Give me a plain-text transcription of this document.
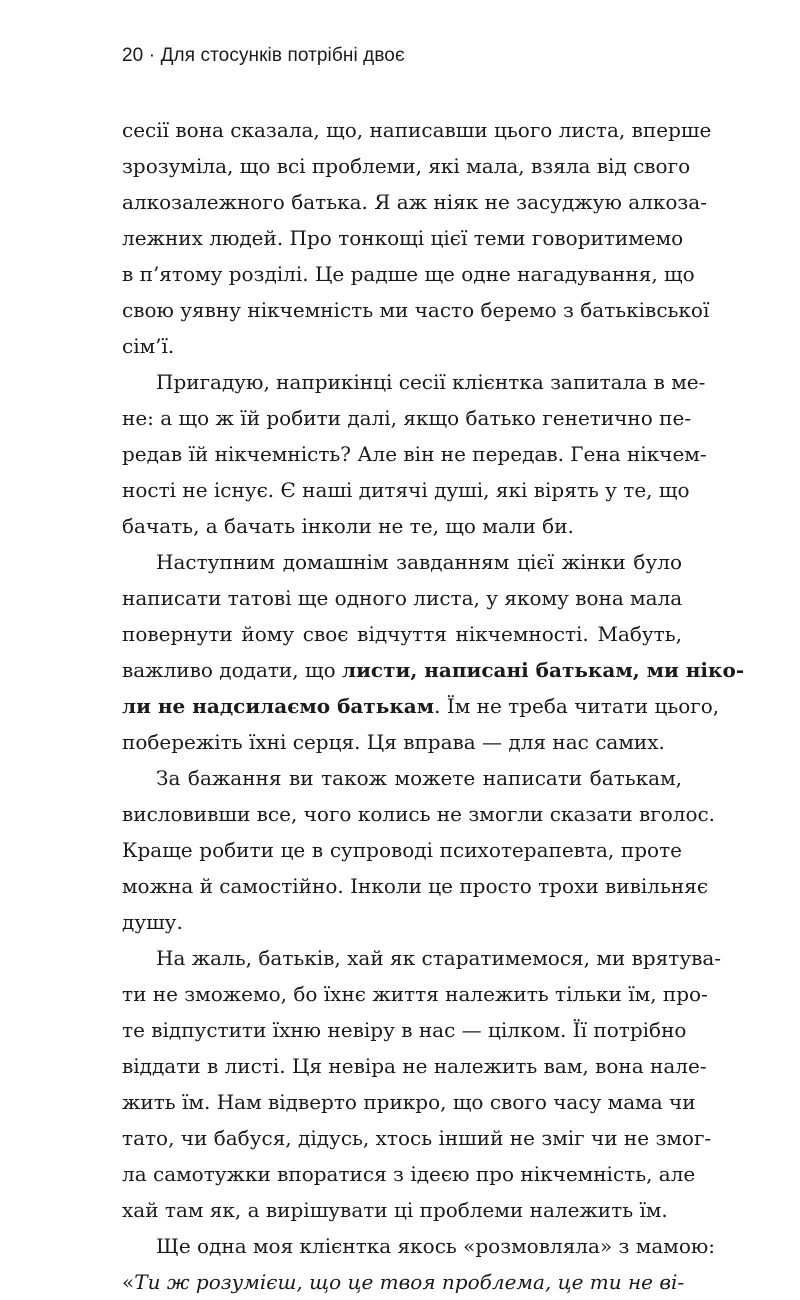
20 · Для стосунків потрібні двоє
сесії вона сказала, що, написавши цього листа, вперше
зрозуміла, що всі проблеми, які мала, взяла від свого
алкозалежного батька. Я аж ніяк не засуджую алкоза-
лежних людей. Про тонкощі цієї теми говоритимемо
в п’ятому розділі. Це радше ще одне нагадування, що
свою уявну нікчемність ми часто беремо з батьківської
сім’ї.
Пригадую, наприкінці сесії клієнтка запитала в ме-
не: а що ж їй робити далі, якщо батько генетично пе-
редав їй нікчемність? Але він не передав. Гена нікчем-
ності не існує. Є наші дитячі душі, які вірять у те, що
бачать, а бачать інколи не те, що мали би.
Наступним домашнім завданням цієї жінки було
написати татові ще одного листа, у якому вона мала
повернути йому своє відчуття нікчемності. Мабуть,
важливо додати, що листи, написані батькам, ми ніко-
ли не надсилаємо батькам. Їм не треба читати цього,
побережіть їхні серця. Ця вправа — для нас самих.
За бажання ви також можете написати батькам,
висловивши все, чого колись не змогли сказати вголос.
Краще робити це в супроводі психотерапевта, проте
можна й самостійно. Інколи це просто трохи вивільняє
душу.
На жаль, батьків, хай як старатимемося, ми врятува-
ти не зможемо, бо їхнє життя належить тільки їм, про-
те відпустити їхню невіру в нас — цілком. Її потрібно
віддати в листі. Ця невіра не належить вам, вона нале-
жить їм. Нам відверто прикро, що свого часу мама чи
тато, чи бабуся, дідусь, хтось інший не зміг чи не змог-
ла самотужки впоратися з ідеєю про нікчемність, але
хай там як, а вирішувати ці проблеми належить їм.
Ще одна моя клієнтка якось «розмовляла» з мамою:
«Ти ж розумієш, що це твоя проблема, це ти не ві-
